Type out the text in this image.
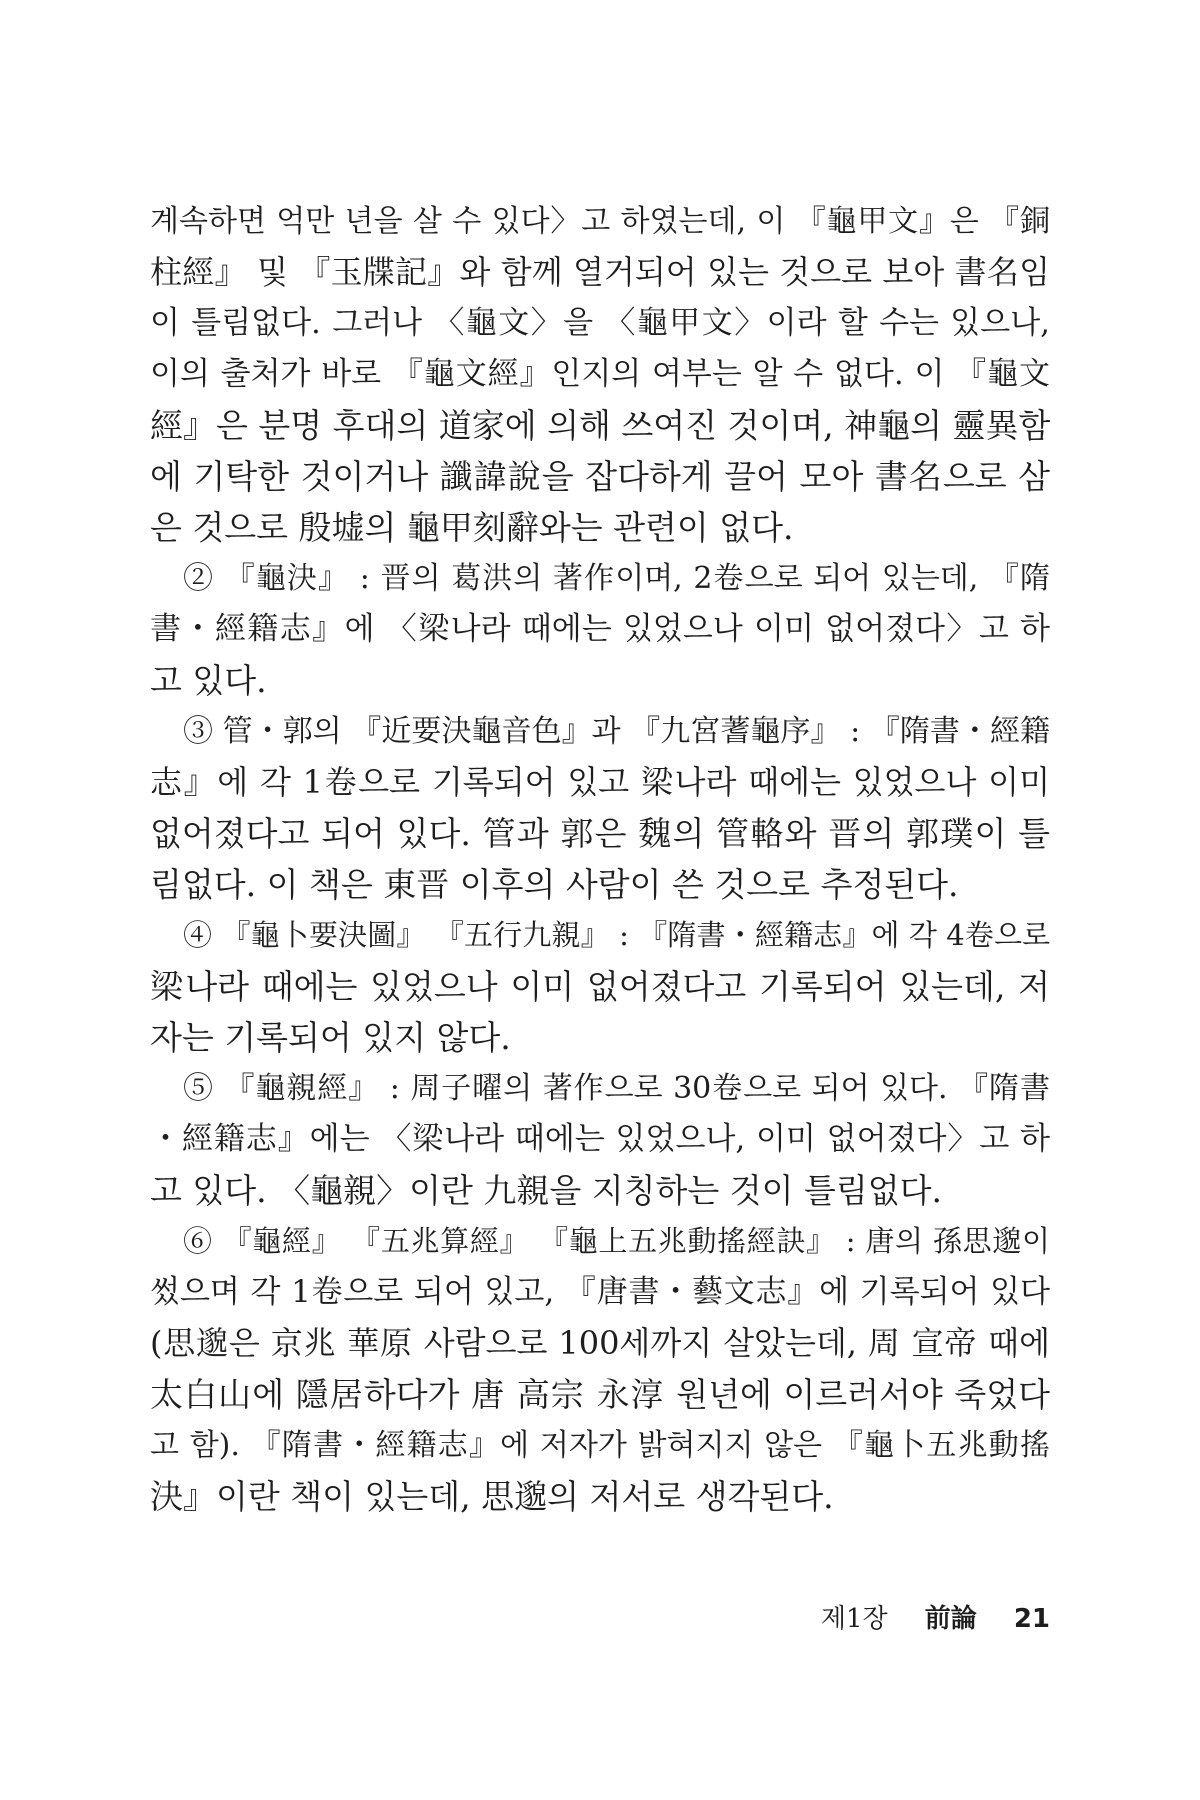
계속하면 억만 년을 살 수 있다〉고 하였는데, 이 『龜甲文』은 『銅
柱經』 및 『玉牒記』와 함께 열거되어 있는 것으로 보아 書名임
이 틀림없다. 그러나 〈龜文〉을 〈龜甲文〉이라 할 수는 있으나,
이의 출처가 바로 『龜文經』인지의 여부는 알 수 없다. 이 『龜文
經』은 분명 후대의 道家에 의해 쓰여진 것이며, 神龜의 靈異함
에 기탁한 것이거나 讖諱說을 잡다하게 끌어 모아 書名으로 삼
은 것으로 殷墟의 龜甲刻辭와는 관련이 없다.
② 『龜決』 : 晋의 葛洪의 著作이며, 2卷으로 되어 있는데, 『隋
書・經籍志』에 〈梁나라 때에는 있었으나 이미 없어졌다〉고 하
고 있다.
③ 管・郭의 『近要決龜音色』과 『九宮蓍龜序』 : 『隋書・經籍
志』에 각 1卷으로 기록되어 있고 梁나라 때에는 있었으나 이미
없어졌다고 되어 있다. 管과 郭은 魏의 管輅와 晋의 郭璞이 틀
림없다. 이 책은 東晋 이후의 사람이 쓴 것으로 추정된다.
④ 『龜卜要決圖』 『五行九親』 : 『隋書・經籍志』에 각 4卷으로
梁나라 때에는 있었으나 이미 없어졌다고 기록되어 있는데, 저
자는 기록되어 있지 않다.
⑤ 『龜親經』 : 周子曜의 著作으로 30卷으로 되어 있다. 『隋書
・經籍志』에는 〈梁나라 때에는 있었으나, 이미 없어졌다〉고 하
고 있다. 〈龜親〉이란 九親을 지칭하는 것이 틀림없다.
⑥ 『龜經』 『五兆算經』 『龜上五兆動搖經訣』 : 唐의 孫思邈이
썼으며 각 1卷으로 되어 있고, 『唐書・藝文志』에 기록되어 있다
(思邈은 京兆 華原 사람으로 100세까지 살았는데, 周 宣帝 때에
太白山에 隱居하다가 唐 高宗 永淳 원년에 이르러서야 죽었다
고 함). 『隋書・經籍志』에 저자가 밝혀지지 않은 『龜卜五兆動搖
決』이란 책이 있는데, 思邈의 저서로 생각된다.
제1장 前論 21
